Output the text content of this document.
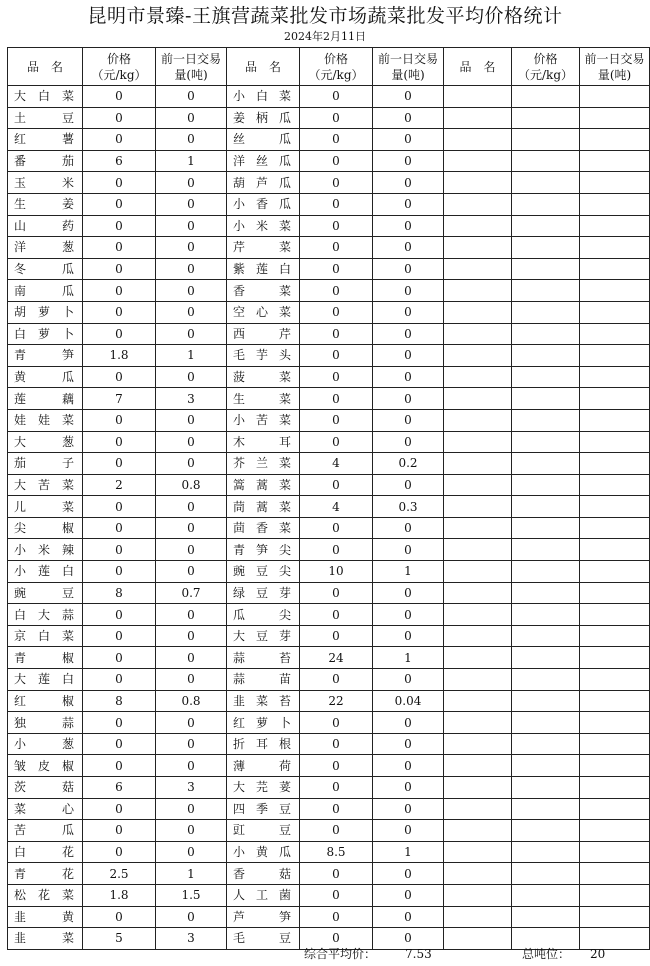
昆明市景臻-王旗营蔬菜批发市场蔬菜批发平均价格统计
2024年2月11日
品　名	价格（元/kg）	前一日交易量(吨)	品　名	价格（元/kg）	前一日交易量(吨)	品　名	价格（元/kg）	前一日交易量(吨)
大白菜	0	0	小白菜	0	0			
土豆	0	0	姜柄瓜	0	0			
红薯	0	0	丝瓜	0	0			
番茄	6	1	洋丝瓜	0	0			
玉米	0	0	葫芦瓜	0	0			
生姜	0	0	小香瓜	0	0			
山药	0	0	小米菜	0	0			
洋葱	0	0	芹菜	0	0			
冬瓜	0	0	紫莲白	0	0			
南瓜	0	0	香菜	0	0			
胡萝卜	0	0	空心菜	0	0			
白萝卜	0	0	西芹	0	0			
青笋	1.8	1	毛芋头	0	0			
黄瓜	0	0	菠菜	0	0			
莲藕	7	3	生菜	0	0			
娃娃菜	0	0	小苦菜	0	0			
大葱	0	0	木耳	0	0			
茄子	0	0	芥兰菜	4	0.2			
大苦菜	2	0.8	篙蒿菜	0	0			
儿菜	0	0	茼蒿菜	4	0.3			
尖椒	0	0	茴香菜	0	0			
小米辣	0	0	青笋尖	0	0			
小莲白	0	0	豌豆尖	10	1			
豌豆	8	0.7	绿豆芽	0	0			
白大蒜	0	0	瓜尖	0	0			
京白菜	0	0	大豆芽	0	0			
青椒	0	0	蒜苔	24	1			
大莲白	0	0	蒜苗	0	0			
红椒	8	0.8	韭菜苔	22	0.04			
独蒜	0	0	红萝卜	0	0			
小葱	0	0	折耳根	0	0			
皱皮椒	0	0	薄荷	0	0			
茨菇	6	3	大芫荽	0	0			
菜心	0	0	四季豆	0	0			
苦瓜	0	0	豇豆	0	0			
白花	0	0	小黄瓜	8.5	1			
青花	2.5	1	香菇	0	0			
松花菜	1.8	1.5	人工菌	0	0			
韭黄	0	0	芦笋	0	0			
韭菜	5	3	毛豆	0	0			
综合平均价： 7.53	总吨位： 20
